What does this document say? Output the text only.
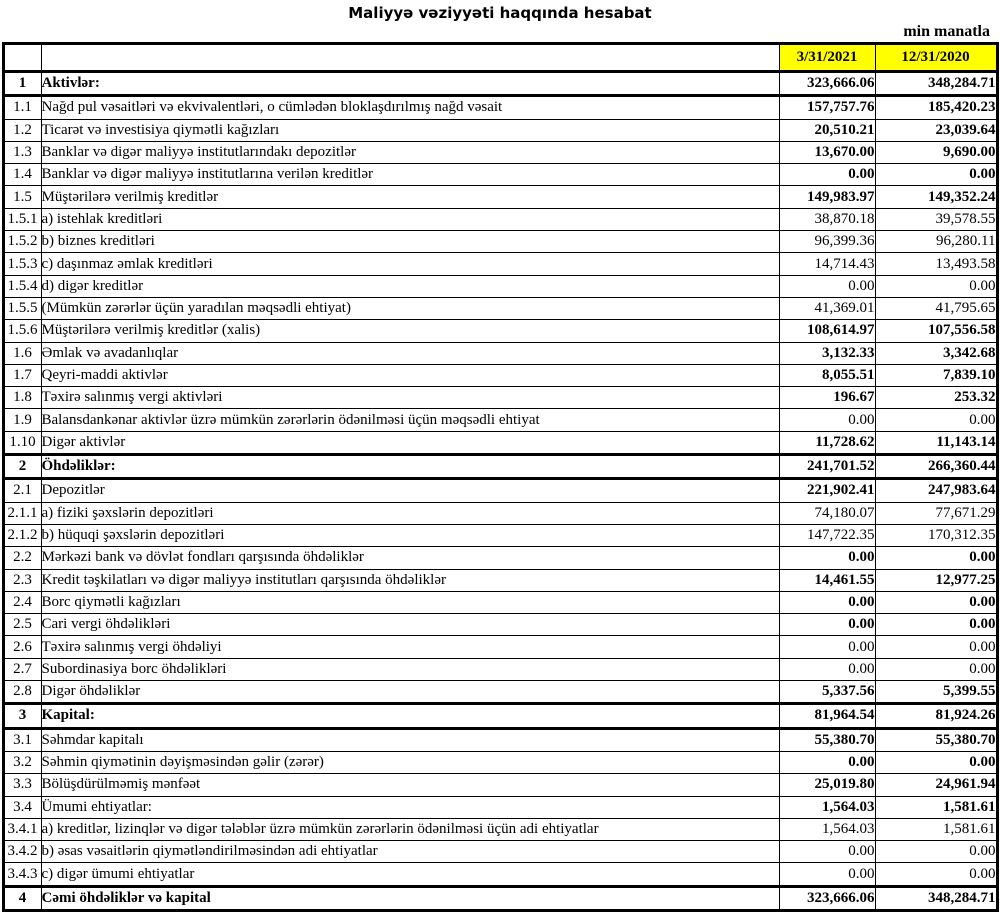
Maliyyə vəziyyəti haqqında hesabat
min manatla
		3/31/2021	12/31/2020
1	Aktivlər:	323,666.06	348,284.71
1.1	Nağd pul vəsaitləri və ekvivalentləri, o cümlədən bloklaşdırılmış nağd vəsait	157,757.76	185,420.23
1.2	Ticarət və investisiya qiymətli kağızları	20,510.21	23,039.64
1.3	Banklar və digər maliyyə institutlarındakı depozitlər	13,670.00	9,690.00
1.4	Banklar və digər maliyyə institutlarına verilən kreditlər	0.00	0.00
1.5	Müştərilərə verilmiş kreditlər	149,983.97	149,352.24
1.5.1	a) istehlak kreditləri	38,870.18	39,578.55
1.5.2	b) biznes kreditləri	96,399.36	96,280.11
1.5.3	c) daşınmaz əmlak kreditləri	14,714.43	13,493.58
1.5.4	d) digər kreditlər	0.00	0.00
1.5.5	(Mümkün zərərlər üçün yaradılan məqsədli ehtiyat)	41,369.01	41,795.65
1.5.6	Müştərilərə verilmiş kreditlər (xalis)	108,614.97	107,556.58
1.6	Əmlak və avadanlıqlar	3,132.33	3,342.68
1.7	Qeyri-maddi aktivlər	8,055.51	7,839.10
1.8	Təxirə salınmış vergi aktivləri	196.67	253.32
1.9	Balansdankənar aktivlər üzrə mümkün zərərlərin ödənilməsi üçün məqsədli ehtiyat	0.00	0.00
1.10	Digər aktivlər	11,728.62	11,143.14
2	Öhdəliklər:	241,701.52	266,360.44
2.1	Depozitlər	221,902.41	247,983.64
2.1.1	a) fiziki şəxslərin depozitləri	74,180.07	77,671.29
2.1.2	b) hüquqi şəxslərin depozitləri	147,722.35	170,312.35
2.2	Mərkəzi bank və dövlət fondları qarşısında öhdəliklər	0.00	0.00
2.3	Kredit təşkilatları və digər maliyyə institutları qarşısında öhdəliklər	14,461.55	12,977.25
2.4	Borc qiymətli kağızları	0.00	0.00
2.5	Cari vergi öhdəlikləri	0.00	0.00
2.6	Təxirə salınmış vergi öhdəliyi	0.00	0.00
2.7	Subordinasiya borc öhdəlikləri	0.00	0.00
2.8	Digər öhdəliklər	5,337.56	5,399.55
3	Kapital:	81,964.54	81,924.26
3.1	Səhmdar kapitalı	55,380.70	55,380.70
3.2	Səhmin qiymətinin dəyişməsindən gəlir (zərər)	0.00	0.00
3.3	Bölüşdürülməmiş mənfəət	25,019.80	24,961.94
3.4	Ümumi ehtiyatlar:	1,564.03	1,581.61
3.4.1	a) kreditlər, lizinqlər və digər tələblər üzrə mümkün zərərlərin ödənilməsi üçün adi ehtiyatlar	1,564.03	1,581.61
3.4.2	b) əsas vəsaitlərin qiymətləndirilməsindən adi ehtiyatlar	0.00	0.00
3.4.3	c) digər ümumi ehtiyatlar	0.00	0.00
4	Cəmi öhdəliklər və kapital	323,666.06	348,284.71
